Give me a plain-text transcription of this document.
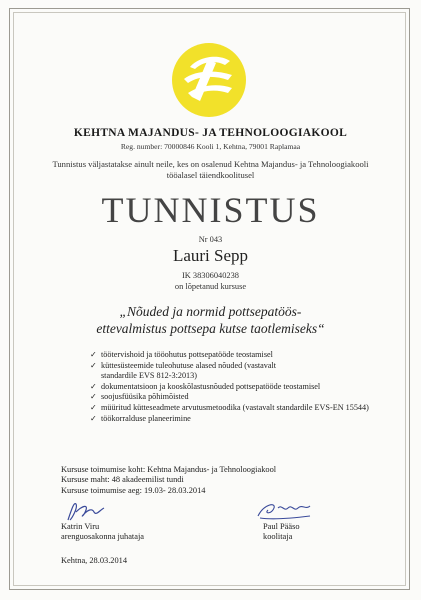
KEHTNA MAJANDUS- JA TEHNOLOOGIAKOOL
Reg. number: 70000846 Kooli 1, Kehtna, 79001 Raplamaa
Tunnistus väljastatakse ainult neile, kes on osalenud Kehtna Majandus- ja Tehnoloogiakooli
tööalasel täiendkoolitusel
TUNNISTUS
Nr 043
Lauri Sepp
IK 38306040238
on lõpetanud kursuse
„Nõuded ja normid pottsepatöös-
ettevalmistus pottsepa kutse taotlemiseks“
✓ töötervishoid ja tööohutus pottsepatööde teostamisel
✓ küttesüsteemide tuleohutuse alased nõuded (vastavalt
standardile EVS 812-3:2013)
✓ dokumentatsioon ja kooskõlastusnõuded pottsepatööde teostamisel
✓ soojusfüüsika põhimõisted
✓ müüritud kütteseadmete arvutusmetoodika (vastavalt standardile EVS-EN 15544)
✓ töökorralduse planeerimine
Kursuse toimumise koht: Kehtna Majandus- ja Tehnoloogiakool
Kursuse maht: 48 akadeemilist tundi
Kursuse toimumise aeg: 19.03- 28.03.2014
Katrin Viru
arenguosakonna juhataja
Paul Pääso
koolitaja
Kehtna, 28.03.2014
